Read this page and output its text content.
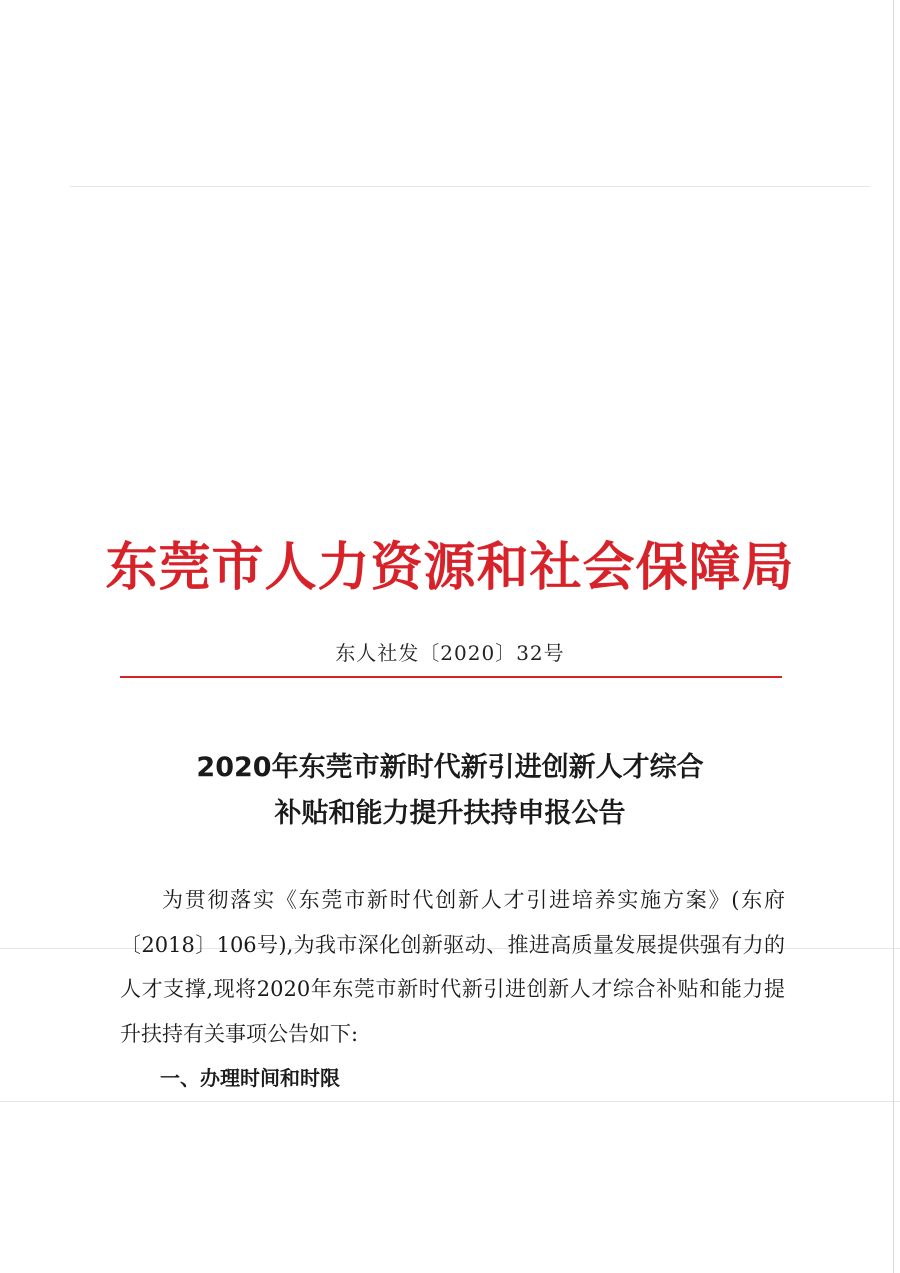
东莞市人力资源和社会保障局
东人社发〔2020〕32号
2020年东莞市新时代新引进创新人才综合
补贴和能力提升扶持申报公告

为贯彻落实《东莞市新时代创新人才引进培养实施方案》(东府〔2018〕106号),为我市深化创新驱动、推进高质量发展提供强有力的人才支撑,现将2020年东莞市新时代新引进创新人才综合补贴和能力提升扶持有关事项公告如下:

一、办理时间和时限
